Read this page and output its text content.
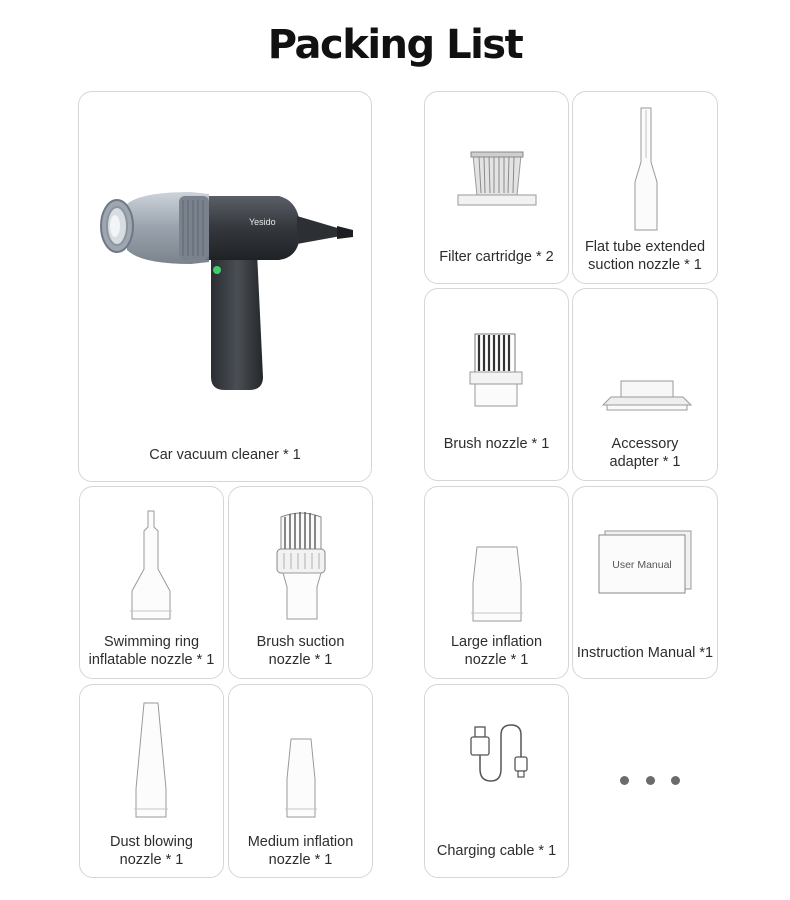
Packing List
Yesido
Car vacuum cleaner * 1
Filter cartridge * 2
Flat tube extended
suction nozzle * 1
Brush nozzle * 1	Accessory
adapter * 1
Swimming ring
inflatable nozzle * 1
Brush suction
nozzle * 1
Large inflation
nozzle * 1
User Manual
Instruction Manual *1
Dust blowing
nozzle * 1
Medium inflation
nozzle * 1
Charging cable * 1
